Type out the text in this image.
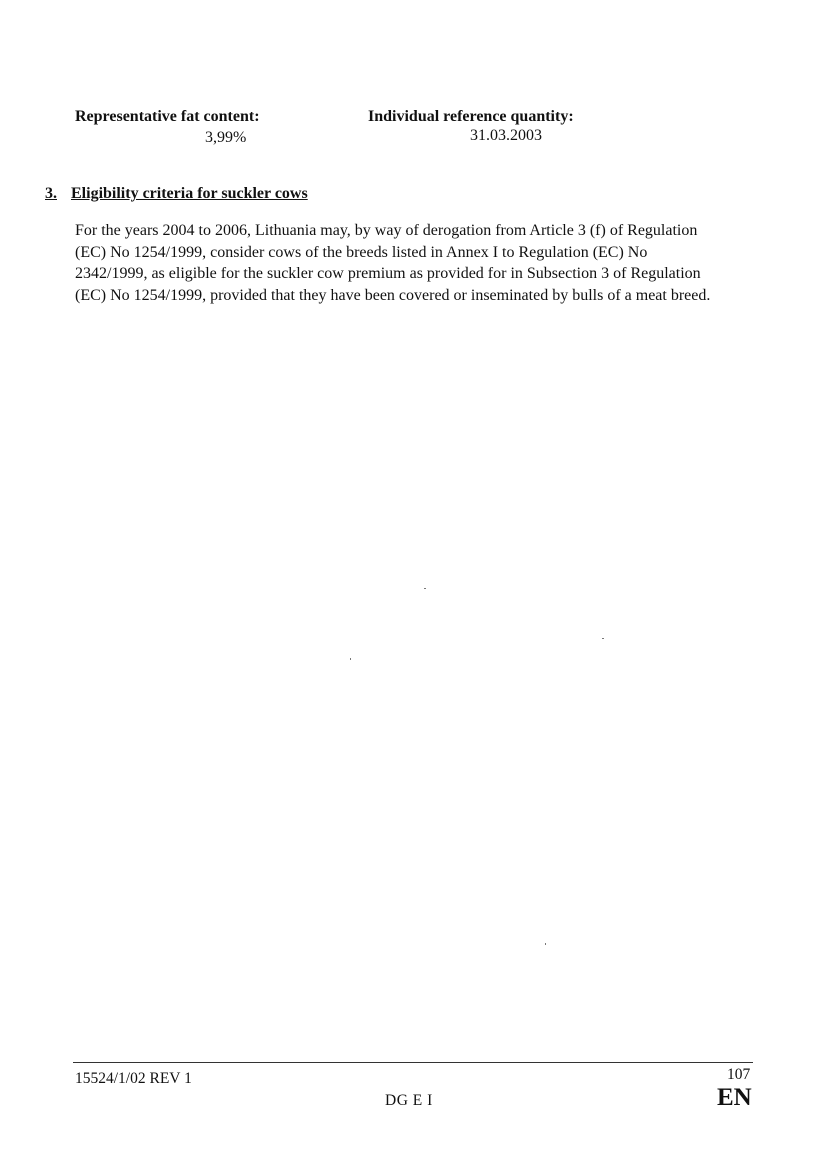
Representative fat content:
3,99%
Individual reference quantity:
31.03.2003
3. Eligibility criteria for suckler cows

For the years 2004 to 2006, Lithuania may, by way of derogation from Article 3 (f) of Regulation

(EC) No 1254/1999, consider cows of the breeds listed in Annex I to Regulation (EC) No

2342/1999, as eligible for the suckler cow premium as provided for in Subsection 3 of Regulation

(EC) No 1254/1999, provided that they have been covered or inseminated by bulls of a meat breed.

15524/1/02 REV 1	107
DG E I	EN
